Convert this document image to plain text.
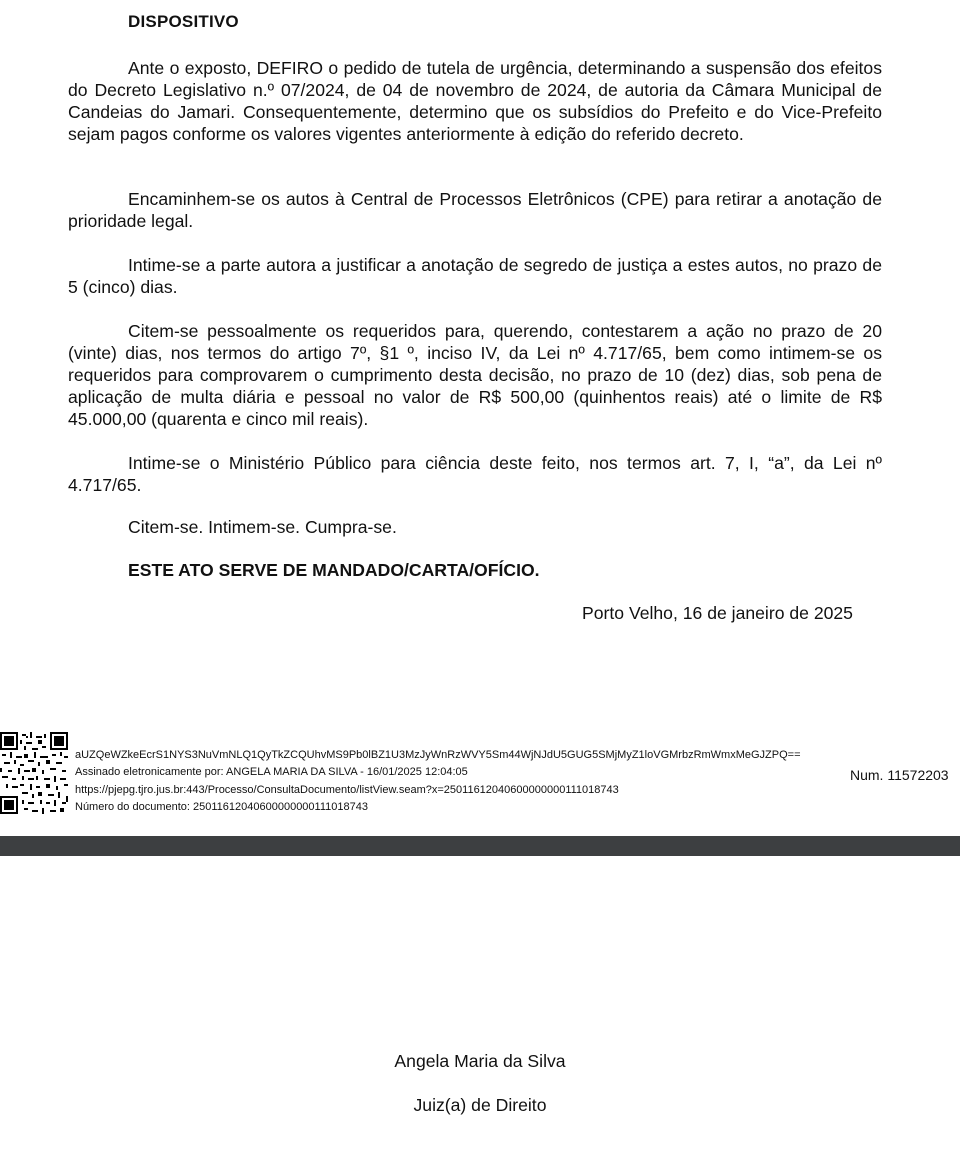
DISPOSITIVO

Ante o exposto, DEFIRO o pedido de tutela de urgência, determinando a suspensão dos efeitos do Decreto Legislativo n.º 07/2024, de 04 de novembro de 2024, de autoria da Câmara Municipal de Candeias do Jamari. Consequentemente, determino que os subsídios do Prefeito e do Vice-Prefeito sejam pagos conforme os valores vigentes anteriormente à edição do referido decreto.

Encaminhem-se os autos à Central de Processos Eletrônicos (CPE) para retirar a anotação de prioridade legal.

Intime-se a parte autora a justificar a anotação de segredo de justiça a estes autos, no prazo de 5 (cinco) dias.

Citem-se pessoalmente os requeridos para, querendo, contestarem a ação no prazo de 20 (vinte) dias, nos termos do artigo 7º, §1 º, inciso IV, da Lei nº 4.717/65, bem como intimem-se os requeridos para comprovarem o cumprimento desta decisão, no prazo de 10 (dez) dias, sob pena de aplicação de multa diária e pessoal no valor de R$ 500,00 (quinhentos reais) até o limite de R$ 45.000,00 (quarenta e cinco mil reais).

Intime-se o Ministério Público para ciência deste feito, nos termos art. 7, I, “a”, da Lei nº 4.717/65.

Citem-se. Intimem-se. Cumpra-se.

ESTE ATO SERVE DE MANDADO/CARTA/OFÍCIO.

Porto Velho, 16 de janeiro de 2025

aUZQeWZkeEcrS1NYS3NuVmNLQ1QyTkZCQUhvMS9Pb0lBZ1U3MzJyWnRzWVY5Sm44WjNJdU5GUG5SMjMyZ1loVGMrbzRmWmxMeGJZPQ==
Assinado eletronicamente por: ANGELA MARIA DA SILVA - 16/01/2025 12:04:05
https://pjepg.tjro.jus.br:443/Processo/ConsultaDocumento/listView.seam?x=25011612040600000000111018743
Número do documento: 25011612040600000000111018743

Num. 11572203

Angela Maria da Silva

Juiz(a) de Direito
